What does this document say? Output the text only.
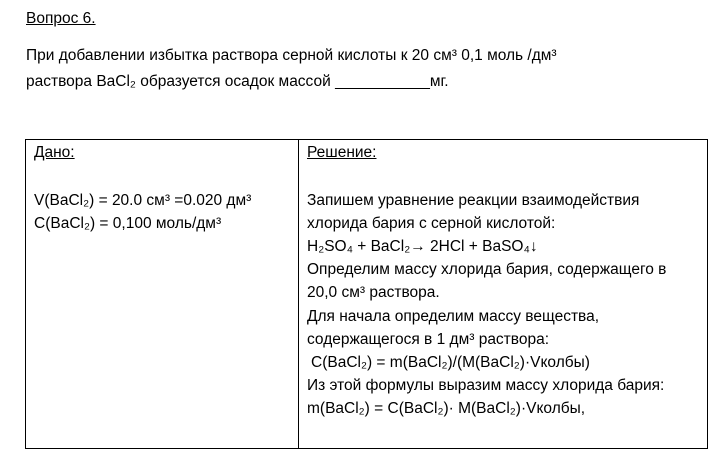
Вопрос 6.
При добавлении избытка раствора серной кислоты к 20 см³ 0,1 моль /дм³
раствора BaCl₂ образуется осадок массой ___________мг.
Дано:
V(BaCl₂) = 20.0 см³ =0.020 дм³
C(BaCl₂) = 0,100 моль/дм³
Решение:
Запишем уравнение реакции взаимодействия
хлорида бария с серной кислотой:
H₂SO₄ + BaCl₂→ 2HCl + BaSO₄↓
Определим массу хлорида бария, содержащего в
20,0 см³ раствора.
Для начала определим массу вещества,
содержащегося в 1 дм³ раствора:
C(BaCl₂) = m(BaCl₂)/(M(BaCl₂)·Vколбы)
Из этой формулы выразим массу хлорида бария:
m(BaCl₂) = C(BaCl₂)· M(BaCl₂)·Vколбы,
